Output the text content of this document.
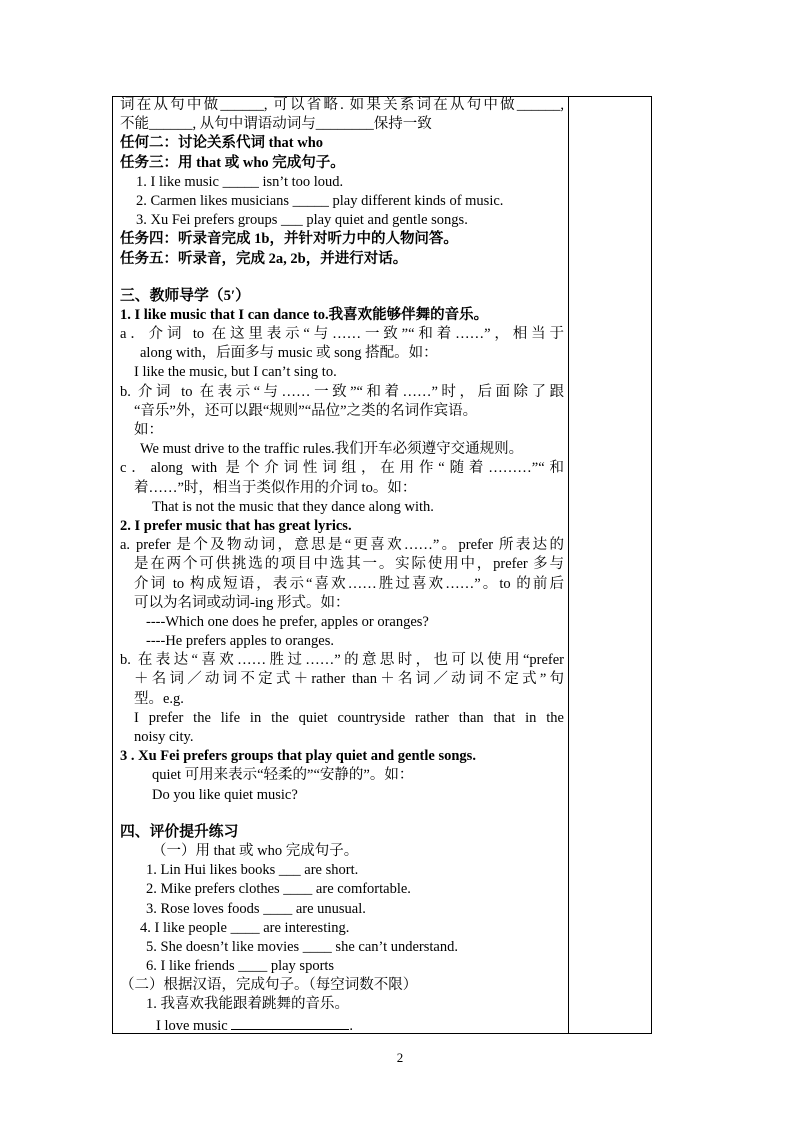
词在从句中做______, 可以省略. 如果关系词在从句中做______,
不能______, 从句中谓语动词与________保持一致
任何二：讨论关系代词 that who
任务三：用 that 或 who 完成句子。
1. I like music _____ isn’t too loud.
2. Carmen likes musicians _____ play different kinds of music.
3. Xu Fei prefers groups ___ play quiet and gentle songs.
任务四：听录音完成 1b，并针对听力中的人物问答。
任务五：听录音，完成 2a, 2b，并进行对话。
三、教师导学（5′）
1. I like music that I can dance to.我喜欢能够伴舞的音乐。
a．介词 to 在这里表示“与……一致”“和着……”，相当于
along with，后面多与 music 或 song 搭配。如：
I like the music, but I can’t sing to.
b. 介词 to 在表示“与……一致”“和着……”时，后面除了跟
“音乐”外，还可以跟“规则”“品位”之类的名词作宾语。
如：
We must drive to the traffic rules.我们开车必须遵守交通规则。
c．along with 是个介词性词组，在用作“随着………”“和
着……”时，相当于类似作用的介词 to。如：
That is not the music that they dance along with.
2. I prefer music that has great lyrics.
a. prefer 是个及物动词，意思是“更喜欢……”。prefer 所表达的
是在两个可供挑选的项目中选其一。实际使用中，prefer 多与
介词 to 构成短语，表示“喜欢……胜过喜欢……”。to 的前后
可以为名词或动词-ing 形式。如：
----Which one does he prefer, apples or oranges?
----He prefers apples to oranges.
b. 在表达“喜欢……胜过……”的意思时，也可以使用“prefer
＋名词／动词不定式＋rather than＋名词／动词不定式”句
型。e.g.
I prefer the life in the quiet countryside rather than that in the
noisy city.
3 . Xu Fei prefers groups that play quiet and gentle songs.
quiet 可用来表示“轻柔的”“安静的”。如：
Do you like quiet music?
四、评价提升练习
（一）用 that 或 who 完成句子。
1. Lin Hui likes books ___ are short.
2. Mike prefers clothes ____ are comfortable.
3. Rose loves foods ____ are unusual.
4. I like people ____ are interesting.
5. She doesn’t like movies ____ she can’t understand.
6. I like friends ____ play sports
（二）根据汉语，完成句子。（每空词数不限）
1. 我喜欢我能跟着跳舞的音乐。
I love music	.
2
